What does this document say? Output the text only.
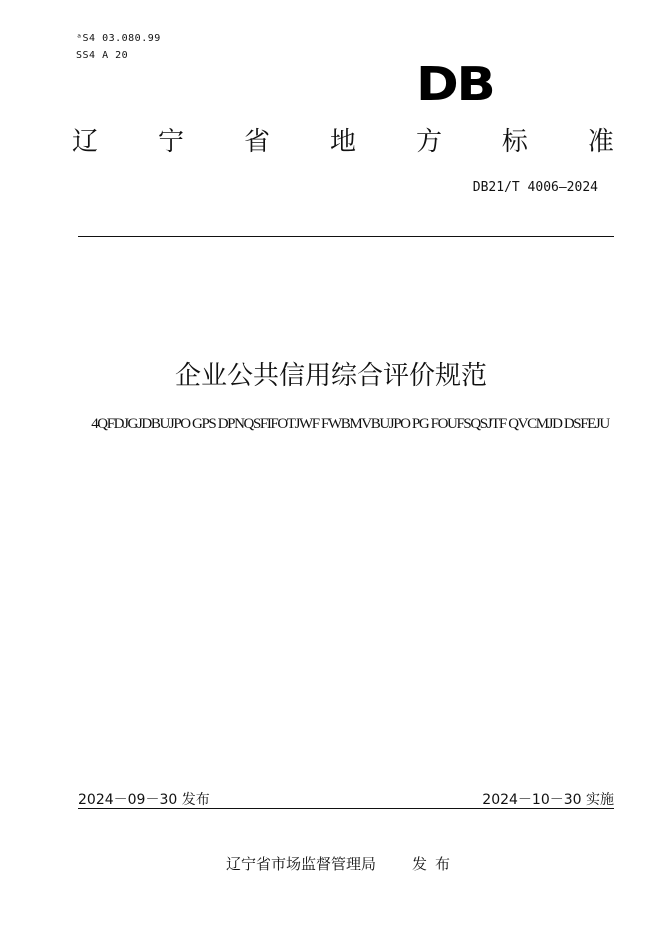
ᵃS4 03.080.99
SS4 A 20
DB
辽 宁 省 地 方 标 准
DB21/T 4006—2024
企业公共信用综合评价规范
4QFDJGJDBUJPO GPS DPNQSFIFOTJWF FWBMVBUJPO PG FOUFSQSJTF QVCMJD DSFEJU
2024－09－30 发布	2024－10－30 实施
辽宁省市场监督管理局 发布
